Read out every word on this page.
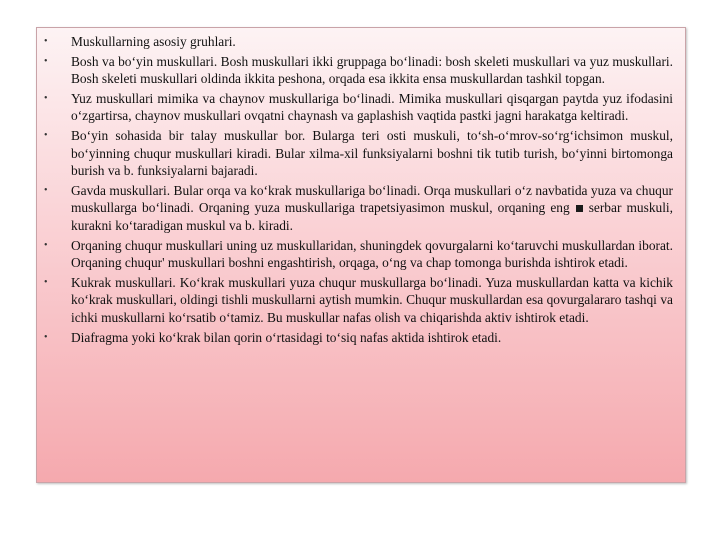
•	Muskullarning asosiy gruhlari.
•	Bosh va bo‘yin muskullari. Bosh muskullari ikki gruppaga bo‘linadi: bosh skeleti muskullari va yuz muskullari. Bosh skeleti muskullari oldinda ikkita peshona, orqada esa ikkita ensa muskullardan tashkil topgan.
•	Yuz muskullari mimika va chaynov muskullariga bo‘linadi. Mimika muskullari qisqargan paytda yuz ifodasini o‘zgartirsa, chaynov muskullari ovqatni chaynash va gaplashish vaqtida pastki jagni harakatga keltiradi.
•	Bo‘yin sohasida bir talay muskullar bor. Bularga teri osti muskuli, to‘sh-o‘mrov-so‘rg‘ichsimon muskul, bo‘yinning chuqur muskullari kiradi. Bular xilma-xil funksiyalarni boshni tik tutib turish, bo‘yinni birtomonga burish va b. funksiyalarni bajaradi.
•	Gavda muskullari. Bular orqa va ko‘krak muskullariga bo‘linadi. Orqa muskullari o‘z navbatida yuza va chuqur muskullarga bo‘linadi. Orqaning yuza muskullariga trapetsiyasimon muskul, orqaning eng serbar muskuli, kurakni ko‘taradigan muskul va b. kiradi.
•	Orqaning chuqur muskullari uning uz muskullaridan, shuningdek qovurgalarni ko‘taruvchi muskullardan iborat. Orqaning chuqur' muskullari boshni engashtirish, orqaga, o‘ng va chap tomonga burishda ishtirok etadi.
•	Kukrak muskullari. Ko‘krak muskullari yuza chuqur muskullarga bo‘linadi. Yuza muskullardan katta va kichik ko‘krak muskullari, oldingi tishli muskullarni aytish mumkin. Chuqur muskullardan esa qovurgalararo tashqi va ichki muskullarni ko‘rsatib o‘tamiz. Bu muskullar nafas olish va chiqarishda aktiv ishtirok etadi.
•	Diafragma yoki ko‘krak bilan qorin o‘rtasidagi to‘siq nafas aktida ishtirok etadi.
